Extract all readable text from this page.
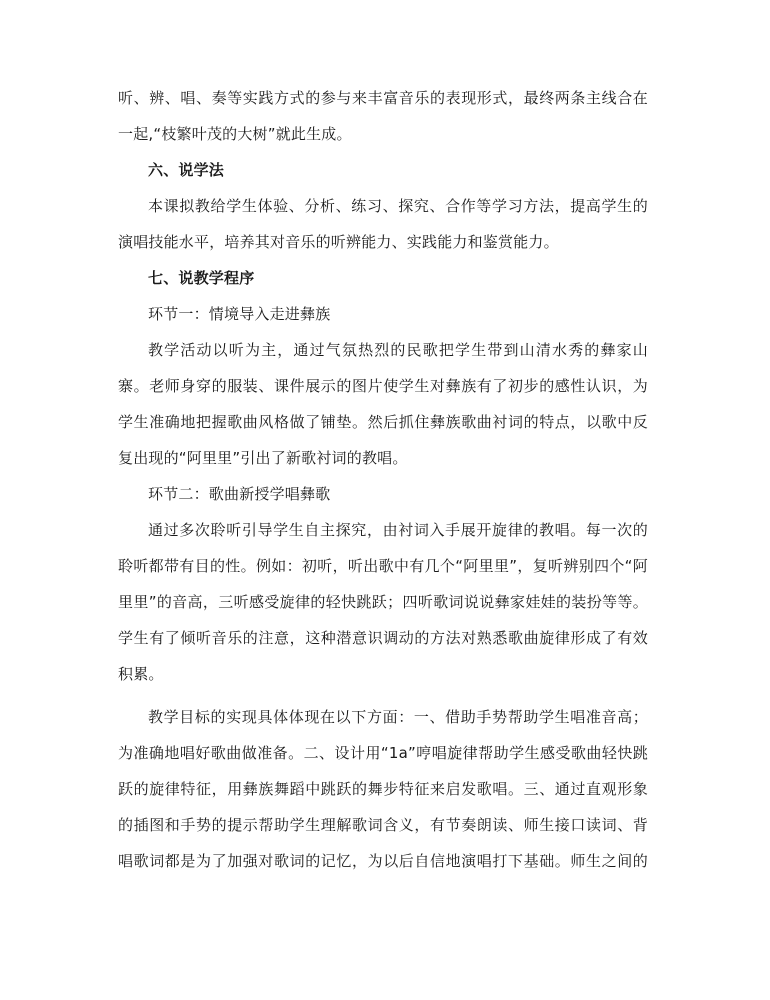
听、辨、唱、奏等实践方式的参与来丰富音乐的表现形式，最终两条主线合在
一起,“枝繁叶茂的大树”就此生成。
六、说学法
本课拟教给学生体验、分析、练习、探究、合作等学习方法，提高学生的
演唱技能水平，培养其对音乐的听辨能力、实践能力和鉴赏能力。
七、说教学程序
环节一：情境导入走进彝族
教学活动以听为主，通过气氛热烈的民歌把学生带到山清水秀的彝家山
寨。老师身穿的服装、课件展示的图片使学生对彝族有了初步的感性认识，为
学生准确地把握歌曲风格做了铺垫。然后抓住彝族歌曲衬词的特点，以歌中反
复出现的“阿里里”引出了新歌衬词的教唱。
环节二：歌曲新授学唱彝歌
通过多次聆听引导学生自主探究，由衬词入手展开旋律的教唱。每一次的
聆听都带有目的性。例如：初听，听出歌中有几个“阿里里”，复听辨别四个“阿
里里”的音高，三听感受旋律的轻快跳跃；四听歌词说说彝家娃娃的装扮等等。
学生有了倾听音乐的注意，这种潜意识调动的方法对熟悉歌曲旋律形成了有效
积累。
教学目标的实现具体体现在以下方面：一、借助手势帮助学生唱准音高；
为准确地唱好歌曲做准备。二、设计用“1a”哼唱旋律帮助学生感受歌曲轻快跳
跃的旋律特征，用彝族舞蹈中跳跃的舞步特征来启发歌唱。三、通过直观形象
的插图和手势的提示帮助学生理解歌词含义，有节奏朗读、师生接口读词、背
唱歌词都是为了加强对歌词的记忆，为以后自信地演唱打下基础。师生之间的
